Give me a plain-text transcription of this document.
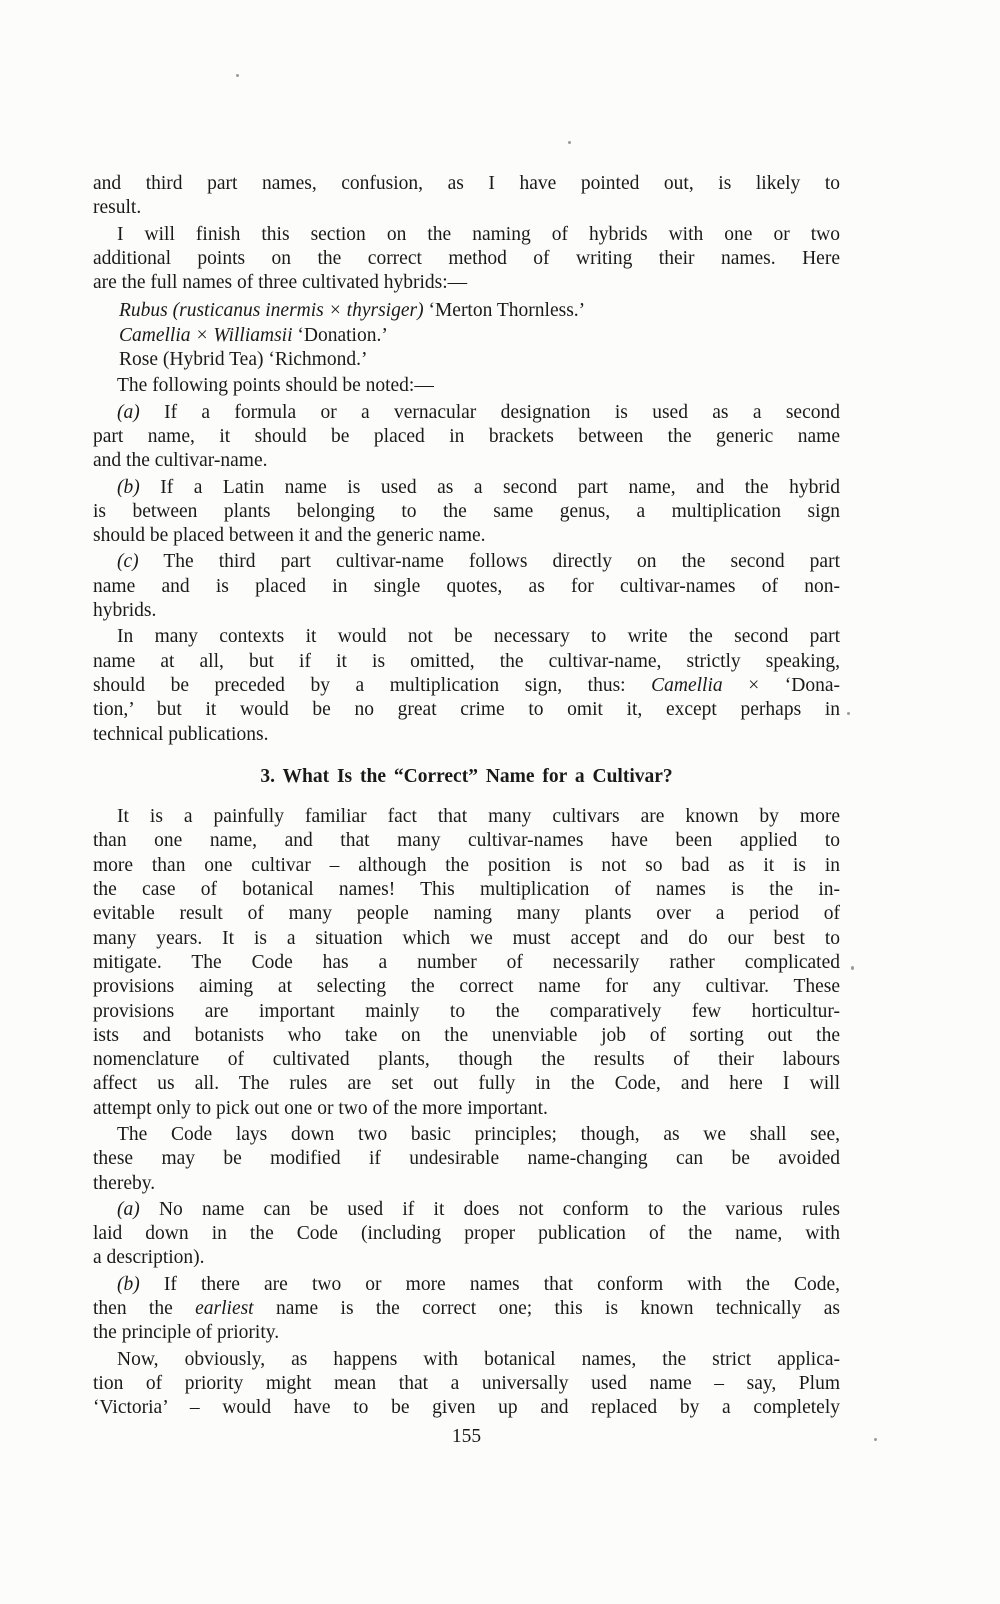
and third part names, confusion, as I have pointed out, is likely to
result.
I will finish this section on the naming of hybrids with one or two
additional points on the correct method of writing their names. Here
are the full names of three cultivated hybrids:—
Rubus (rusticanus inermis × thyrsiger) ‘Merton Thornless.’
Camellia × Williamsii ‘Donation.’
Rose (Hybrid Tea) ‘Richmond.’
The following points should be noted:—
(a) If a formula or a vernacular designation is used as a second
part name, it should be placed in brackets between the generic name
and the cultivar-name.
(b) If a Latin name is used as a second part name, and the hybrid
is between plants belonging to the same genus, a multiplication sign
should be placed between it and the generic name.
(c) The third part cultivar-name follows directly on the second part
name and is placed in single quotes, as for cultivar-names of non-
hybrids.
In many contexts it would not be necessary to write the second part
name at all, but if it is omitted, the cultivar-name, strictly speaking,
should be preceded by a multiplication sign, thus: Camellia × ‘Dona-
tion,’ but it would be no great crime to omit it, except perhaps in
technical publications.
3. What Is the “Correct” Name for a Cultivar?
It is a painfully familiar fact that many cultivars are known by more
than one name, and that many cultivar-names have been applied to
more than one cultivar – although the position is not so bad as it is in
the case of botanical names! This multiplication of names is the in-
evitable result of many people naming many plants over a period of
many years. It is a situation which we must accept and do our best to
mitigate. The Code has a number of necessarily rather complicated
provisions aiming at selecting the correct name for any cultivar. These
provisions are important mainly to the comparatively few horticultur-
ists and botanists who take on the unenviable job of sorting out the
nomenclature of cultivated plants, though the results of their labours
affect us all. The rules are set out fully in the Code, and here I will
attempt only to pick out one or two of the more important.
The Code lays down two basic principles; though, as we shall see,
these may be modified if undesirable name-changing can be avoided
thereby.
(a) No name can be used if it does not conform to the various rules
laid down in the Code (including proper publication of the name, with
a description).
(b) If there are two or more names that conform with the Code,
then the earliest name is the correct one; this is known technically as
the principle of priority.
Now, obviously, as happens with botanical names, the strict applica-
tion of priority might mean that a universally used name – say, Plum
‘Victoria’ – would have to be given up and replaced by a completely
155
